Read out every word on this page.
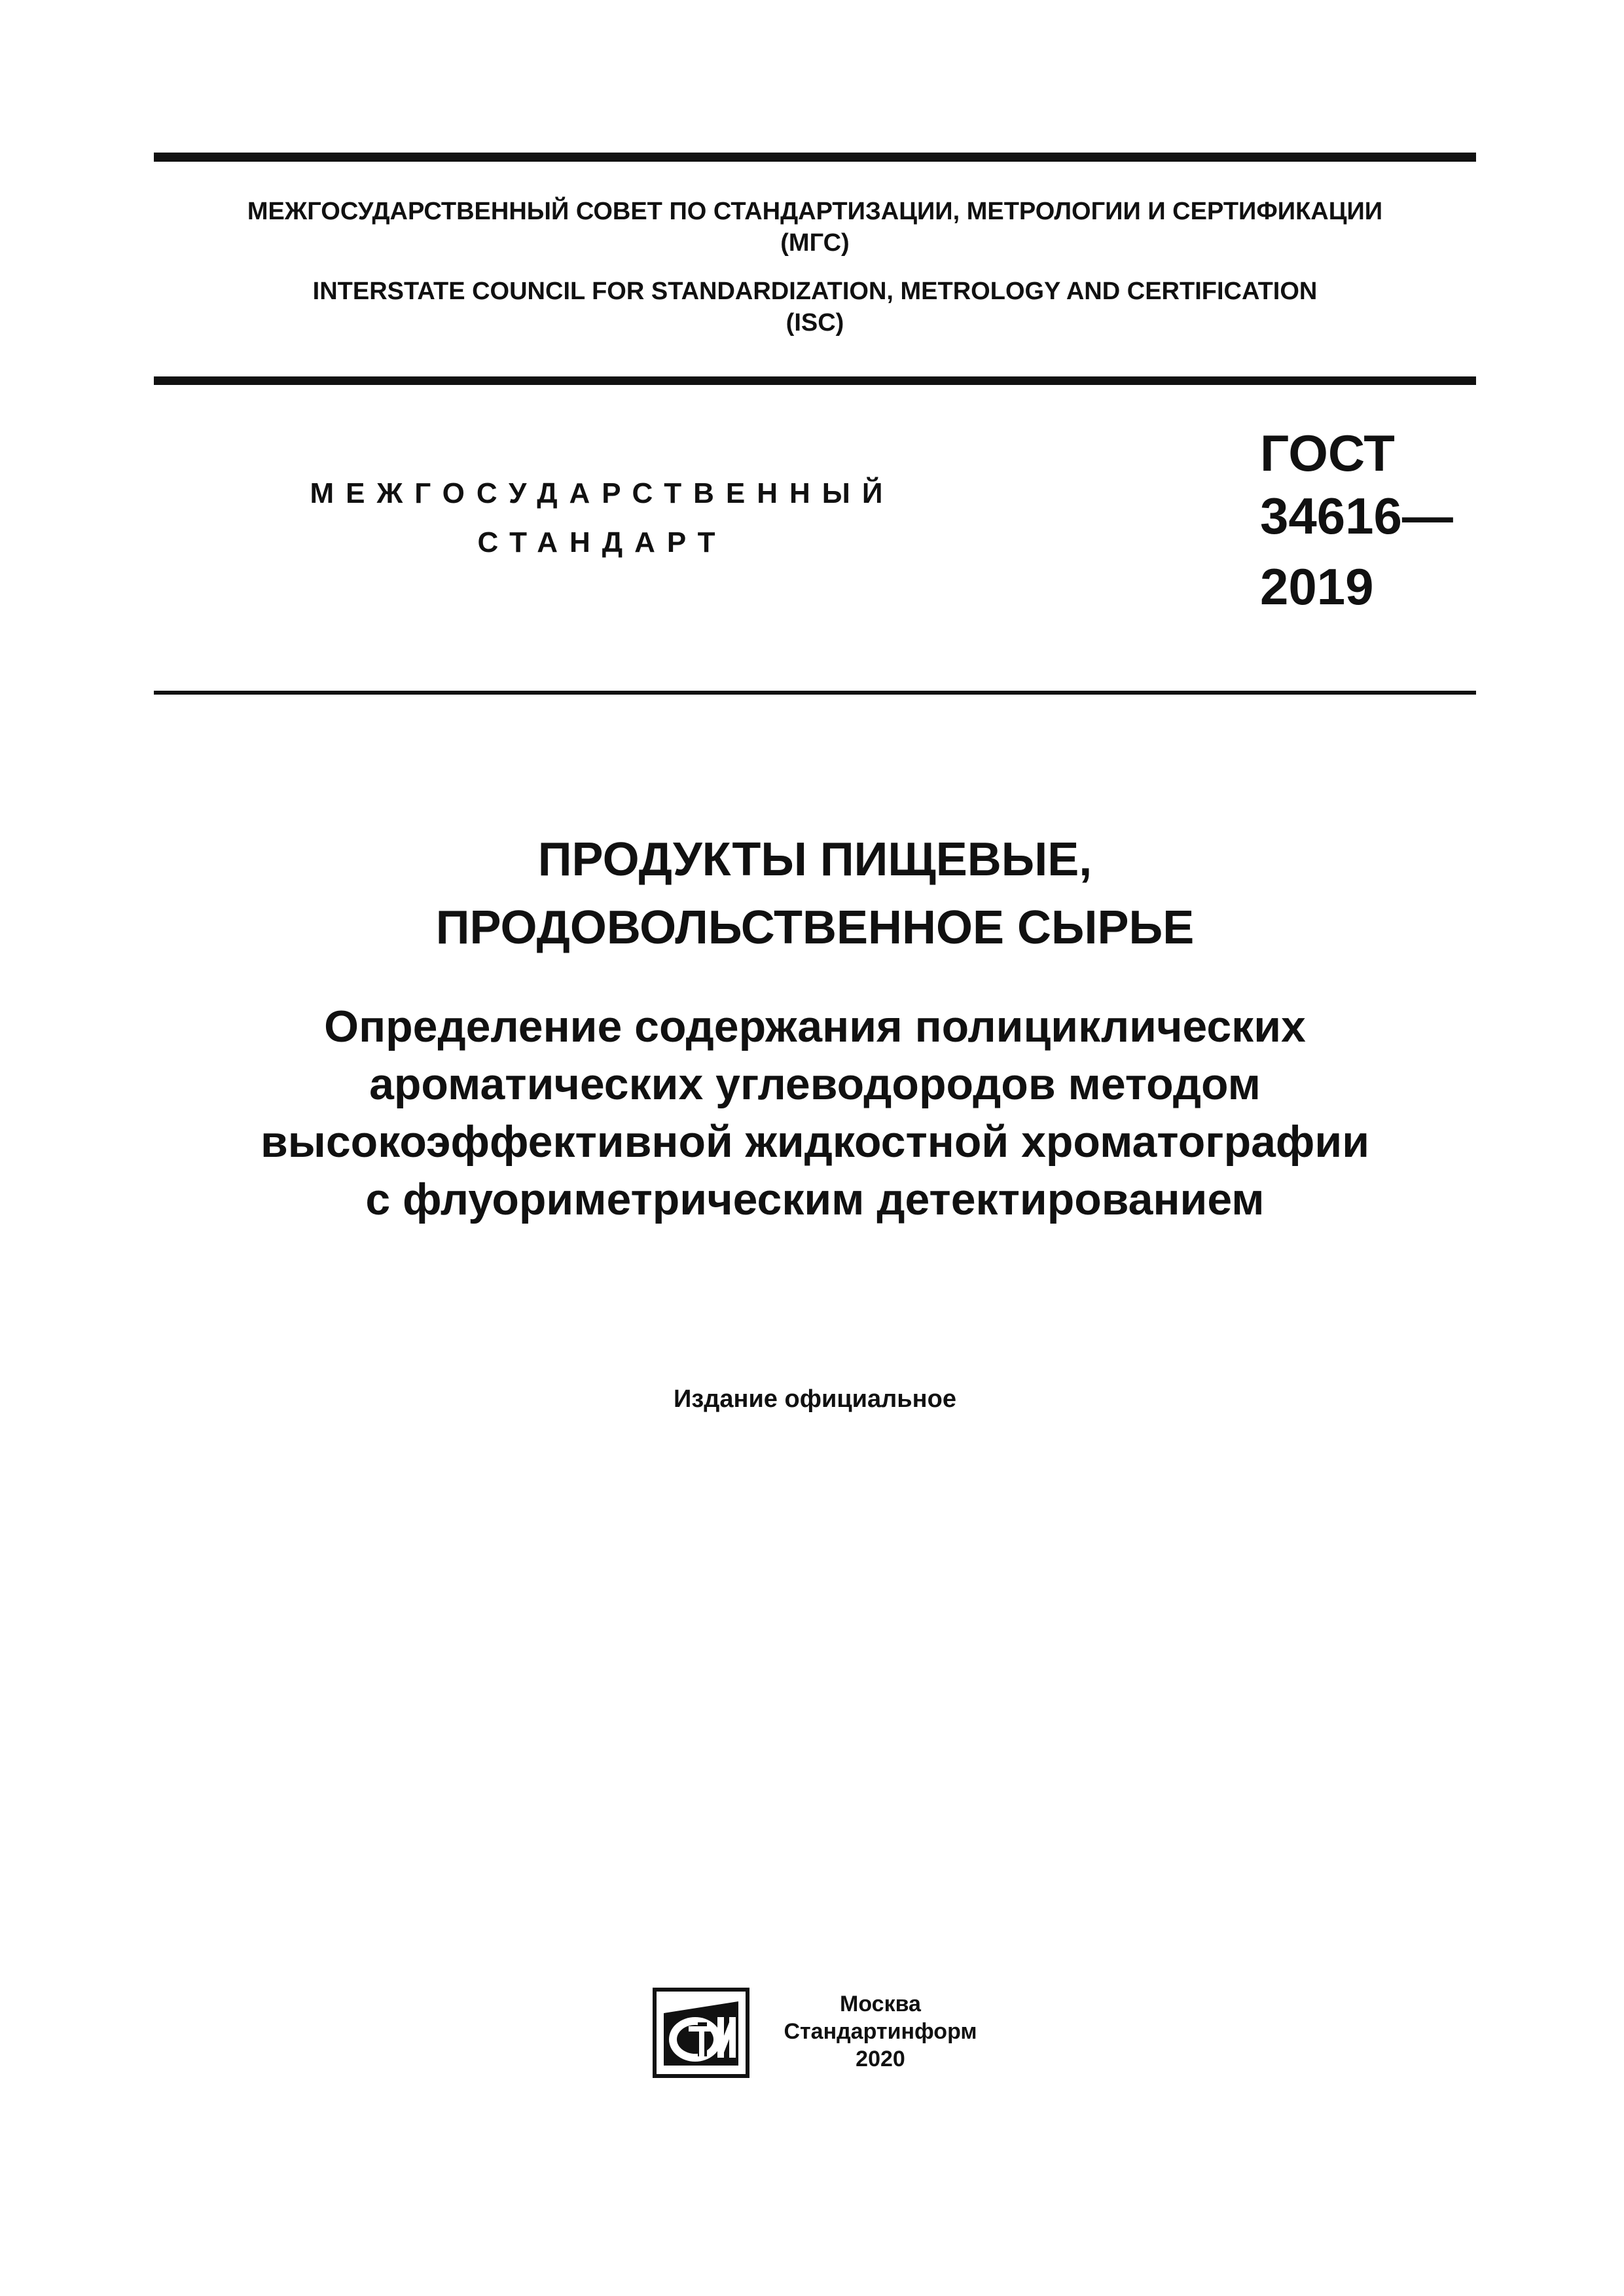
МЕЖГОСУДАРСТВЕННЫЙ СОВЕТ ПО СТАНДАРТИЗАЦИИ, МЕТРОЛОГИИ И СЕРТИФИКАЦИИ
(МГС)
INTERSTATE COUNCIL FOR STANDARDIZATION, METROLOGY AND CERTIFICATION
(ISC)
МЕЖГОСУДАРСТВЕННЫЙ
СТАНДАРТ
ГОСТ
34616—
2019
ПРОДУКТЫ ПИЩЕВЫЕ,
ПРОДОВОЛЬСТВЕННОЕ СЫРЬЕ
Определение содержания полициклических
ароматических углеводородов методом
высокоэффективной жидкостной хроматографии
с флуориметрическим детектированием
Издание официальное
Москва
Стандартинформ
2020
